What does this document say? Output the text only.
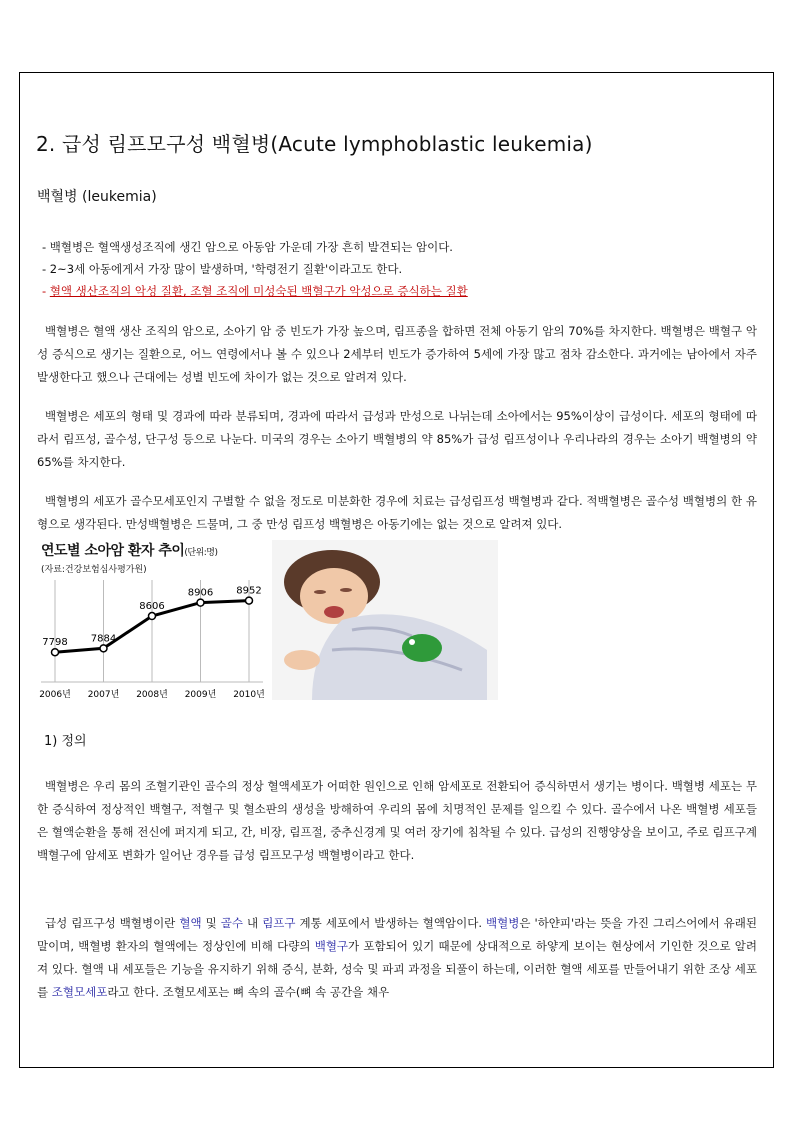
2. 급성 림프모구성 백혈병(Acute lymphoblastic leukemia)
백혈병 (leukemia)
- 백혈병은 혈액생성조직에 생긴 암으로 아동암 가운데 가장 흔히 발견되는 암이다.
- 2~3세 아동에게서 가장 많이 발생하며, '학령전기 질환'이라고도 한다.
- 혈액 생산조직의 악성 질환, 조혈 조직에 미성숙된 백혈구가 악성으로 증식하는 질환

백혈병은 혈액 생산 조직의 암으로, 소아기 암 중 빈도가 가장 높으며, 림프종을 합하면 전체 아동기 암의 70%를 차지한다. 백혈병은 백혈구 악성 증식으로 생기는 질환으로, 어느 연령에서나 볼 수 있으나 2세부터 빈도가 증가하여 5세에 가장 많고 점차 감소한다. 과거에는 남아에서 자주 발생한다고 했으나 근대에는 성별 빈도에 차이가 없는 것으로 알려져 있다.

백혈병은 세포의 형태 및 경과에 따라 분류되며, 경과에 따라서 급성과 만성으로 나뉘는데 소아에서는 95%이상이 급성이다. 세포의 형태에 따라서 림프성, 골수성, 단구성 등으로 나눈다. 미국의 경우는 소아기 백혈병의 약 85%가 급성 림프성이나 우리나라의 경우는 소아기 백혈병의 약 65%를 차지한다.

백혈병의 세포가 골수모세포인지 구별할 수 없을 정도로 미분화한 경우에 치료는 급성림프성 백혈병과 같다. 적백혈병은 골수성 백혈병의 한 유형으로 생각된다. 만성백혈병은 드물며, 그 중 만성 림프성 백혈병은 아동기에는 없는 것으로 알려져 있다.

연도별 소아암 환자 추이(단위:명)
(자료:건강보험심사평가원)
7798
2006년
7884
2007년
8606
2008년
8906
2009년
8952
2010년
1) 정의

백혈병은 우리 몸의 조혈기관인 골수의 정상 혈액세포가 어떠한 원인으로 인해 암세포로 전환되어 증식하면서 생기는 병이다. 백혈병 세포는 무한 증식하여 정상적인 백혈구, 적혈구 및 혈소판의 생성을 방해하여 우리의 몸에 치명적인 문제를 일으킬 수 있다. 골수에서 나온 백혈병 세포들은 혈액순환을 통해 전신에 퍼지게 되고, 간, 비장, 림프절, 중추신경계 및 여러 장기에 침착될 수 있다. 급성의 진행양상을 보이고, 주로 림프구계 백혈구에 암세포 변화가 일어난 경우를 급성 림프모구성 백혈병이라고 한다.

급성 림프구성 백혈병이란 혈액 및 골수 내 림프구 계통 세포에서 발생하는 혈액암이다. 백혈병은 '하얀피'라는 뜻을 가진 그리스어에서 유래된 말이며, 백혈병 환자의 혈액에는 정상인에 비해 다량의 백혈구가 포함되어 있기 때문에 상대적으로 하얗게 보이는 현상에서 기인한 것으로 알려져 있다. 혈액 내 세포들은 기능을 유지하기 위해 증식, 분화, 성숙 및 파괴 과정을 되풀이 하는데, 이러한 혈액 세포를 만들어내기 위한 조상 세포를 조혈모세포라고 한다. 조혈모세포는 뼈 속의 골수(뼈 속 공간을 채우
